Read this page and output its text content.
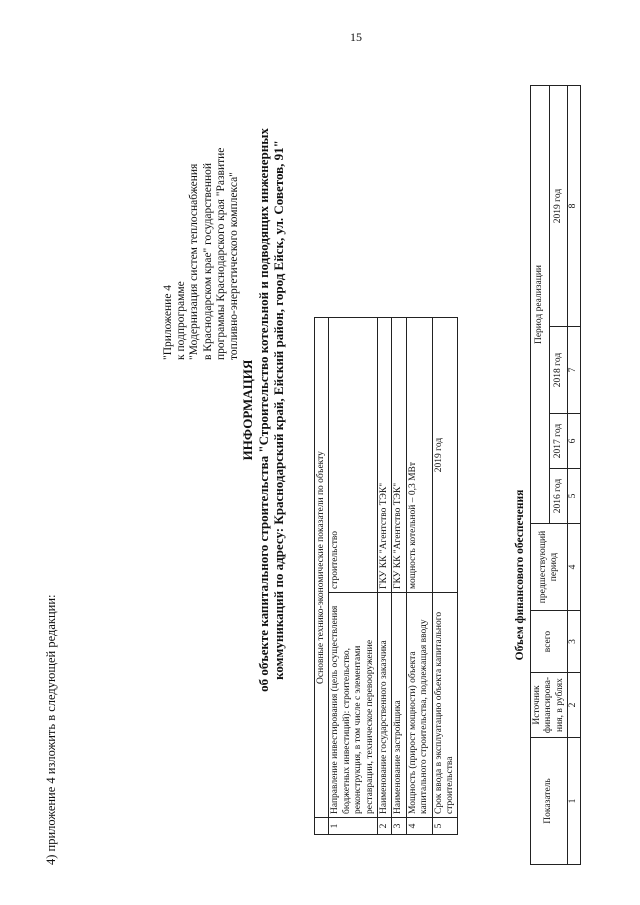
15
4) приложение 4 изложить в следующей редакции:
"Приложение 4 к подпрограмме "Модернизация систем теплоснабжения в Краснодарском крае" государственной программы Краснодарского края "Развитие топливно-энергетического комплекса"
ИНФОРМАЦИЯ об объекте капитального строительства "Строительство котельной и подводящих инженерных коммуникаций по адресу: Краснодарский край, Ейский район, город Ейск, ул. Советов, 91"
		Основные технико-экономические показатели по объекту	
1	Направление инвестирования (цель осуществления бюджетных инвестиций): строительство, реконструкция, в том числе с элементами реставрации, техническое перевооружение	строительство
2	Наименование государственного заказчика	ГКУ КК "Агентство ТЭК"
3	Наименование застройщика	ГКУ КК "Агентство ТЭК"
4	Мощность (прирост мощности) объекта капитального строительства, подлежащая вводу	мощность котельной – 0,3 МВт
5	Срок ввода в эксплуатацию объекта капитального строительства	2019 год
Объем финансового обеспечения
Показатель	Источник финансирова-ния, в рублях	всего	предшествующий период	Период реализации			
				2016 год	2017 год	2018 год	2019 год
1	2	3	4	5	6	7	8
